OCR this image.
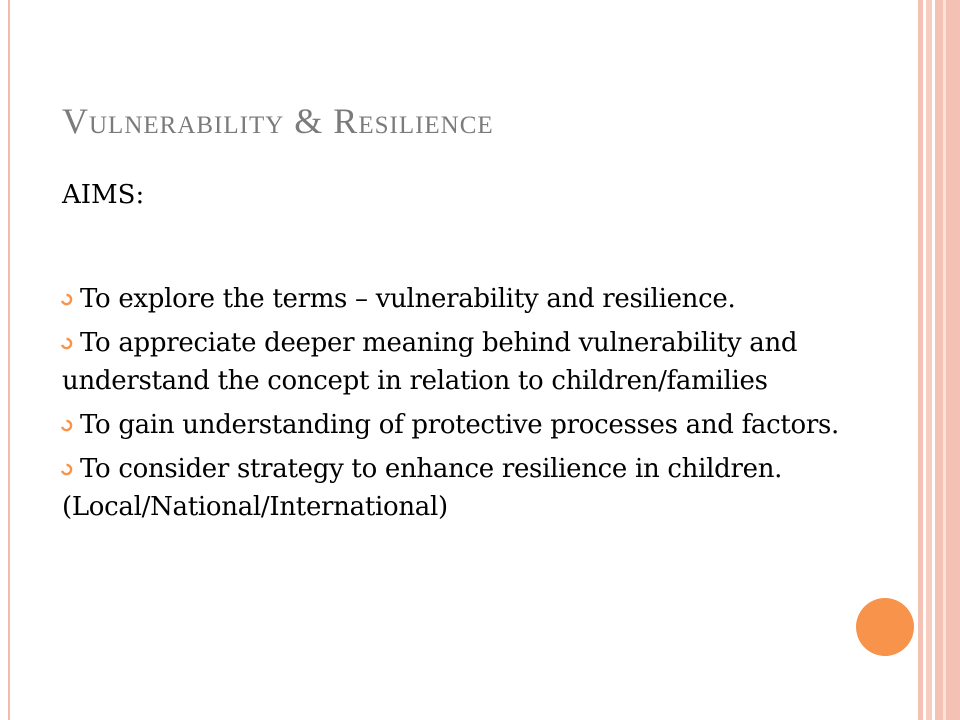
Vulnerability & Resilience

AIMS:

To explore the terms – vulnerability and resilience.
To appreciate deeper meaning behind vulnerability and understand the concept in relation to children/families
To gain understanding of protective processes and factors.
To consider strategy to enhance resilience in children.(Local/National/International)
